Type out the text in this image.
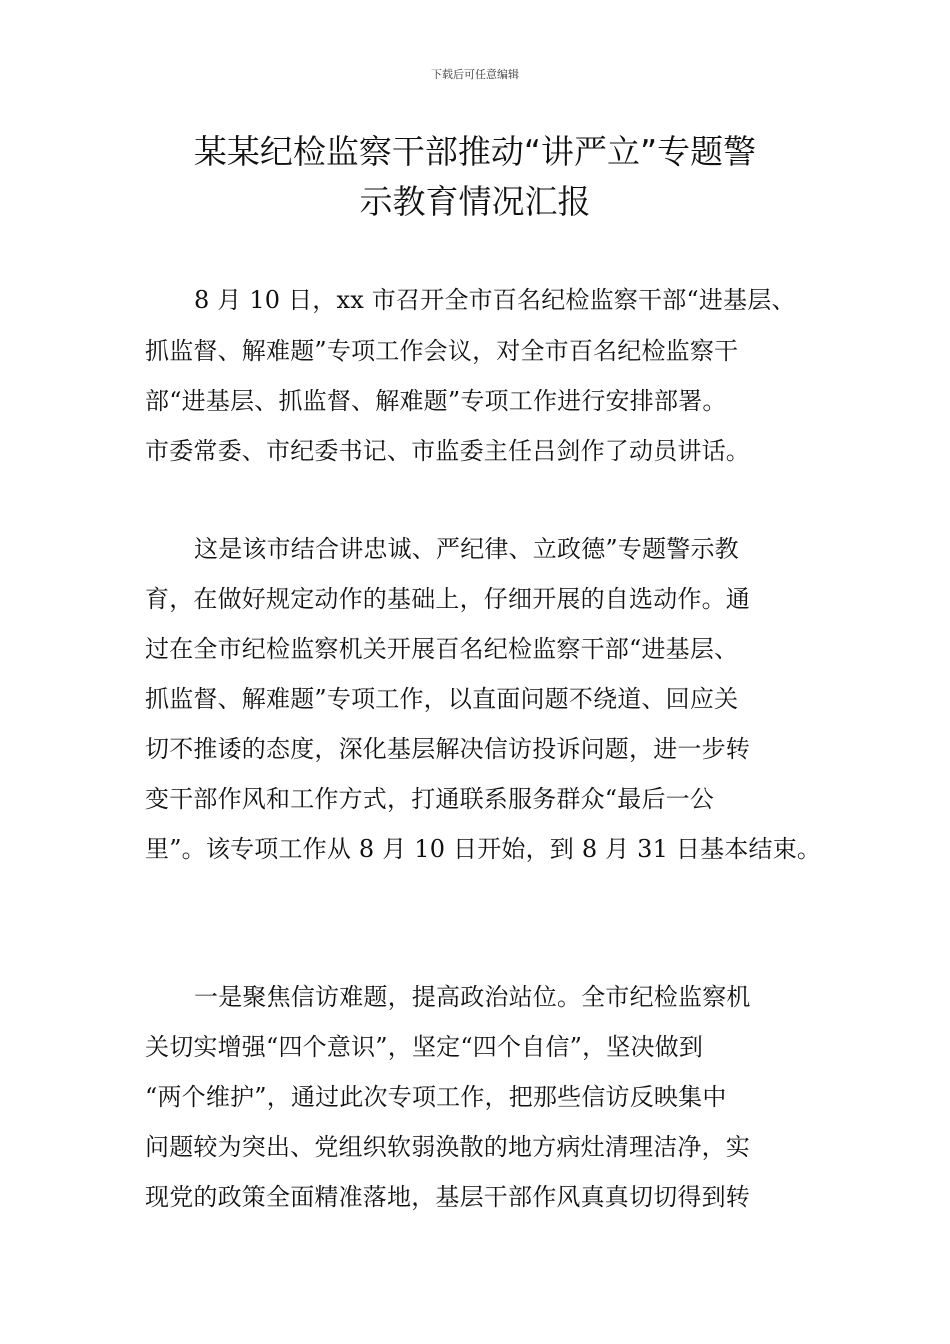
下载后可任意编辑
某某纪检监察干部推动“讲严立”专题警
示教育情况汇报
8 月 10 日，xx 市召开全市百名纪检监察干部“进基层、
抓监督、解难题”专项工作会议，对全市百名纪检监察干
部“进基层、抓监督、解难题”专项工作进行安排部署。
市委常委、市纪委书记、市监委主任吕剑作了动员讲话。
这是该市结合讲忠诚、严纪律、立政德”专题警示教
育，在做好规定动作的基础上，仔细开展的自选动作。通
过在全市纪检监察机关开展百名纪检监察干部“进基层、
抓监督、解难题”专项工作，以直面问题不绕道、回应关
切不推诿的态度，深化基层解决信访投诉问题，进一步转
变干部作风和工作方式，打通联系服务群众“最后一公
里”。该专项工作从 8 月 10 日开始，到 8 月 31 日基本结束。
一是聚焦信访难题，提高政治站位。全市纪检监察机
关切实增强“四个意识”，坚定“四个自信”，坚决做到
“两个维护”，通过此次专项工作，把那些信访反映集中
问题较为突出、党组织软弱涣散的地方病灶清理洁净，实
现党的政策全面精准落地，基层干部作风真真切切得到转
